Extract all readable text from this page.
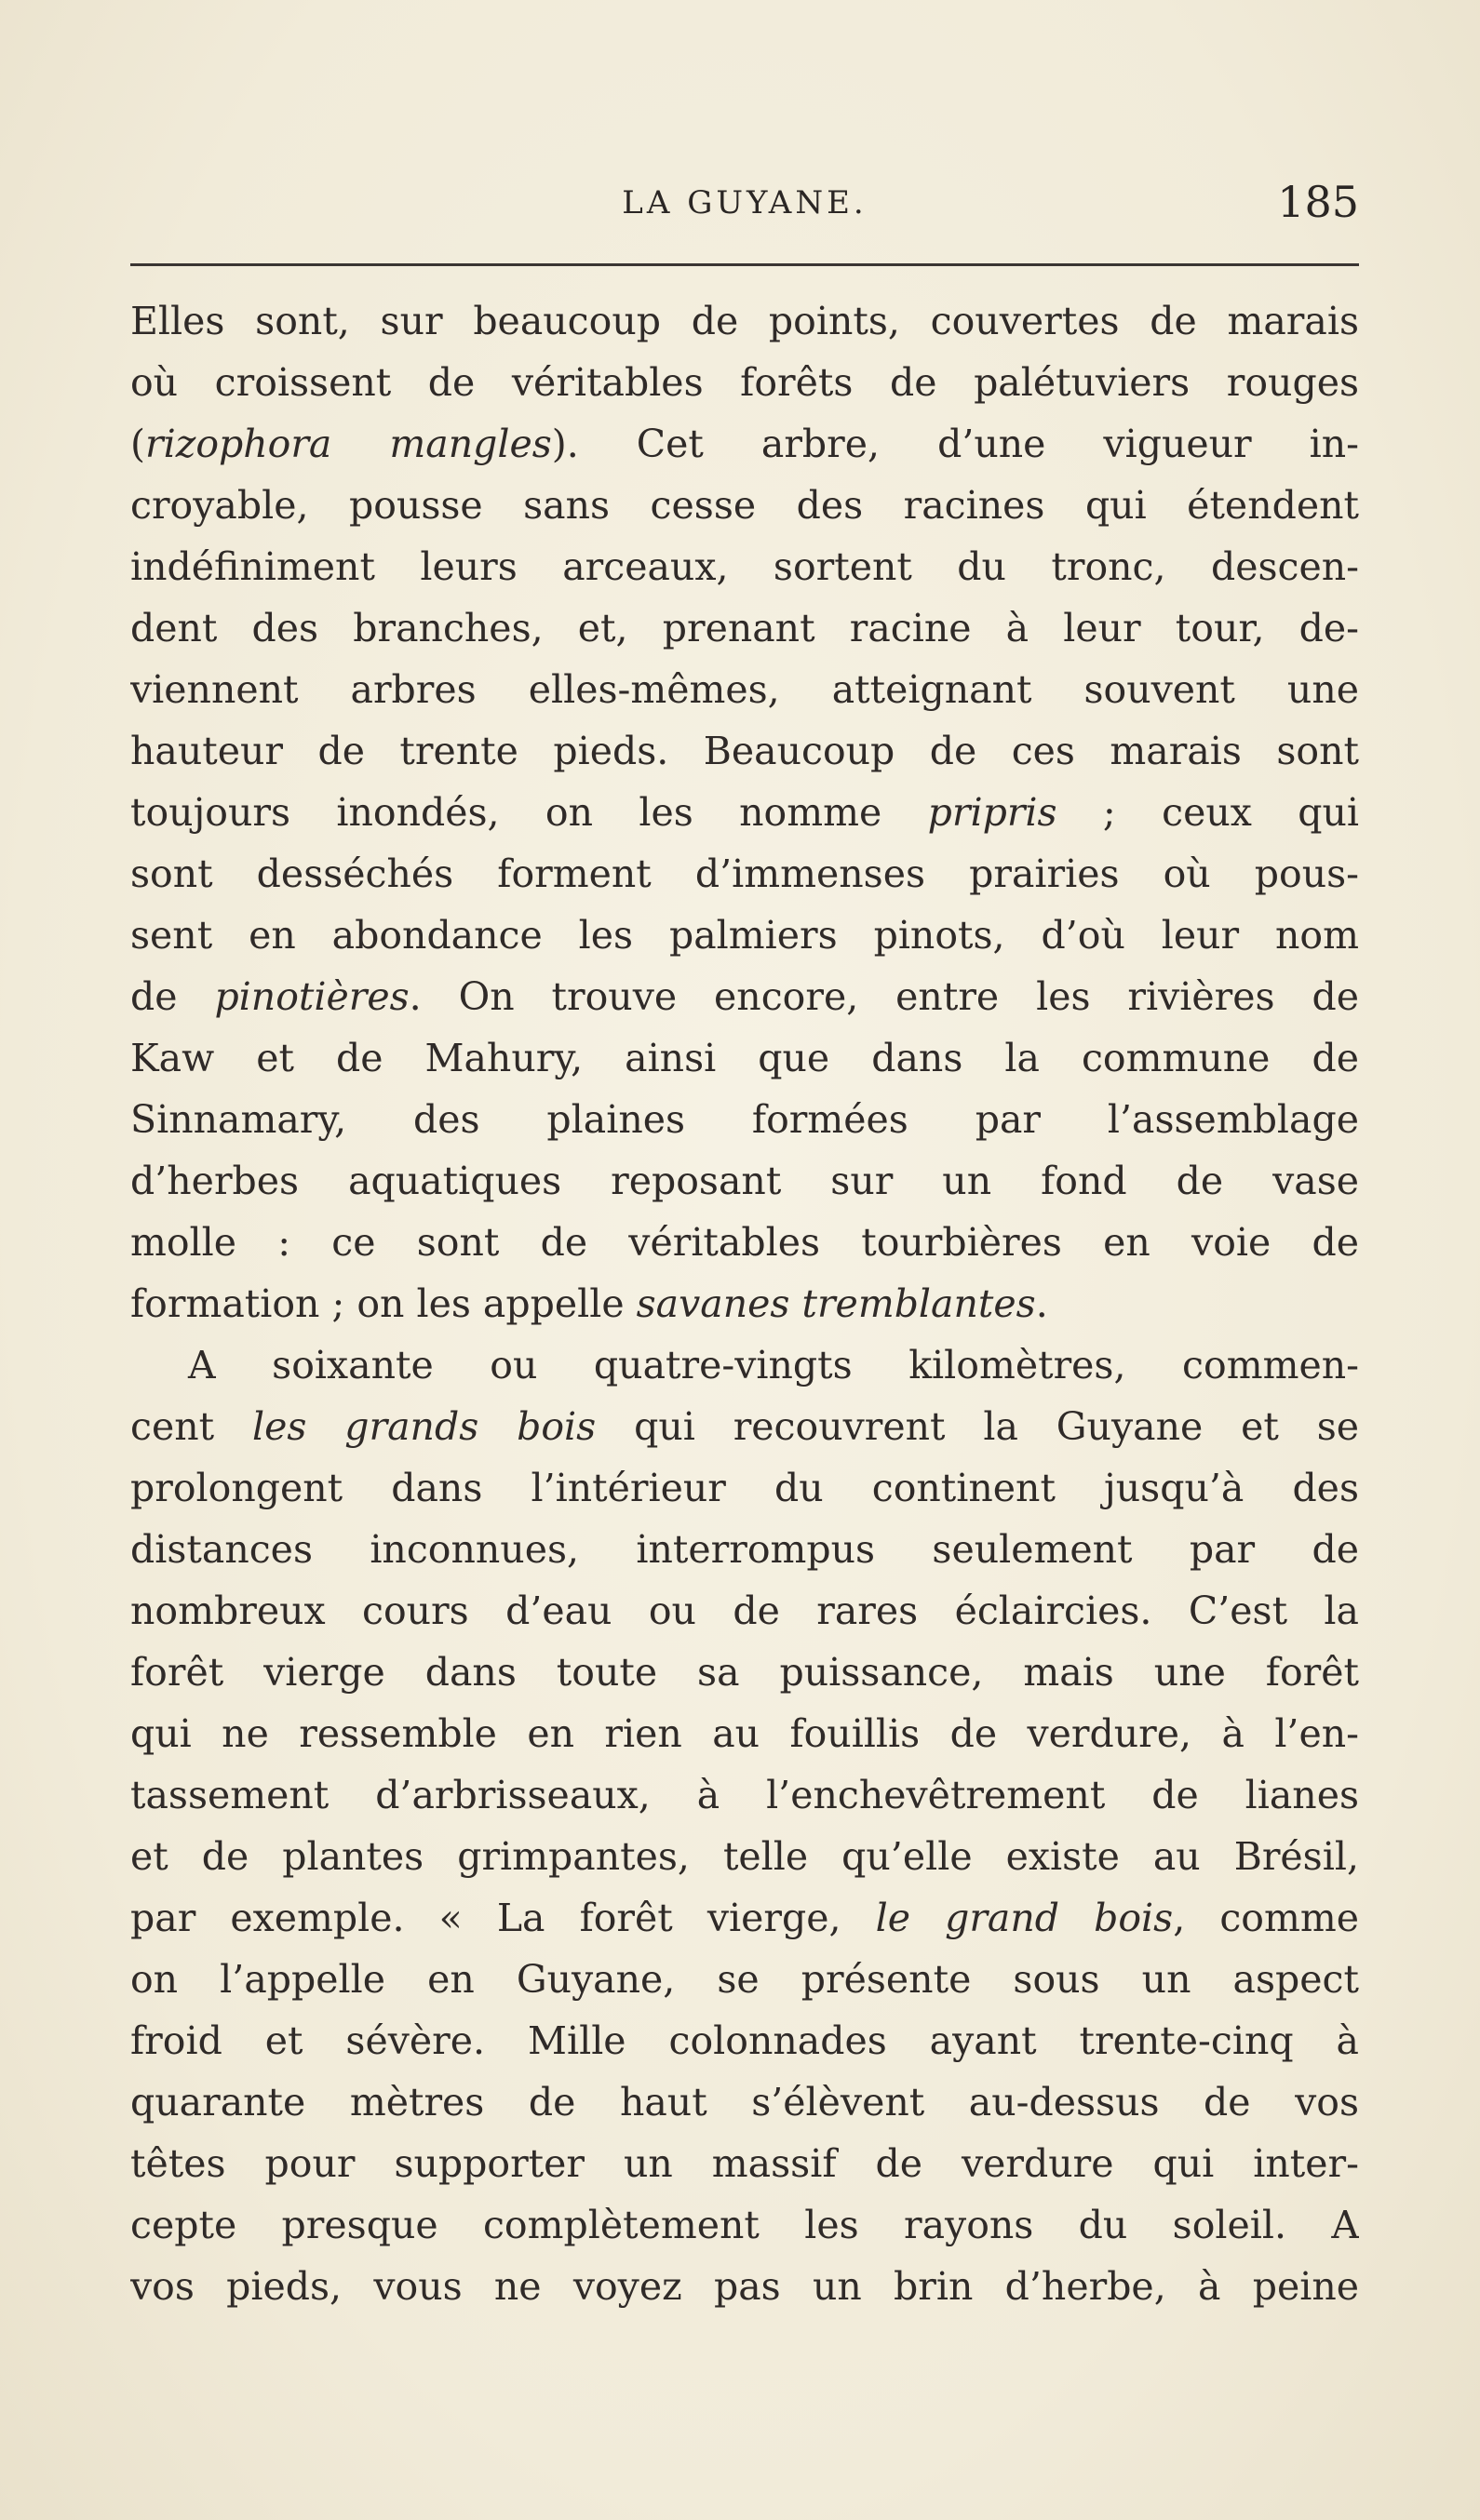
LA GUYANE.	185
Elles sont, sur beaucoup de points, couvertes de marais
où croissent de véritables forêts de palétuviers rouges
(rizophora mangles). Cet arbre, d’une vigueur in-
croyable, pousse sans cesse des racines qui étendent
indéfiniment leurs arceaux, sortent du tronc, descen-
dent des branches, et, prenant racine à leur tour, de-
viennent arbres elles-mêmes, atteignant souvent une
hauteur de trente pieds. Beaucoup de ces marais sont
toujours inondés, on les nomme pripris ; ceux qui
sont desséchés forment d’immenses prairies où pous-
sent en abondance les palmiers pinots, d’où leur nom
de pinotières. On trouve encore, entre les rivières de
Kaw et de Mahury, ainsi que dans la commune de
Sinnamary, des plaines formées par l’assemblage
d’herbes aquatiques reposant sur un fond de vase
molle : ce sont de véritables tourbières en voie de
formation ; on les appelle savanes tremblantes.
A soixante ou quatre-vingts kilomètres, commen-
cent les grands bois qui recouvrent la Guyane et se
prolongent dans l’intérieur du continent jusqu’à des
distances inconnues, interrompus seulement par de
nombreux cours d’eau ou de rares éclaircies. C’est la
forêt vierge dans toute sa puissance, mais une forêt
qui ne ressemble en rien au fouillis de verdure, à l’en-
tassement d’arbrisseaux, à l’enchevêtrement de lianes
et de plantes grimpantes, telle qu’elle existe au Brésil,
par exemple. « La forêt vierge, le grand bois, comme
on l’appelle en Guyane, se présente sous un aspect
froid et sévère. Mille colonnades ayant trente-cinq à
quarante mètres de haut s’élèvent au-dessus de vos
têtes pour supporter un massif de verdure qui inter-
cepte presque complètement les rayons du soleil. A
vos pieds, vous ne voyez pas un brin d’herbe, à peine
